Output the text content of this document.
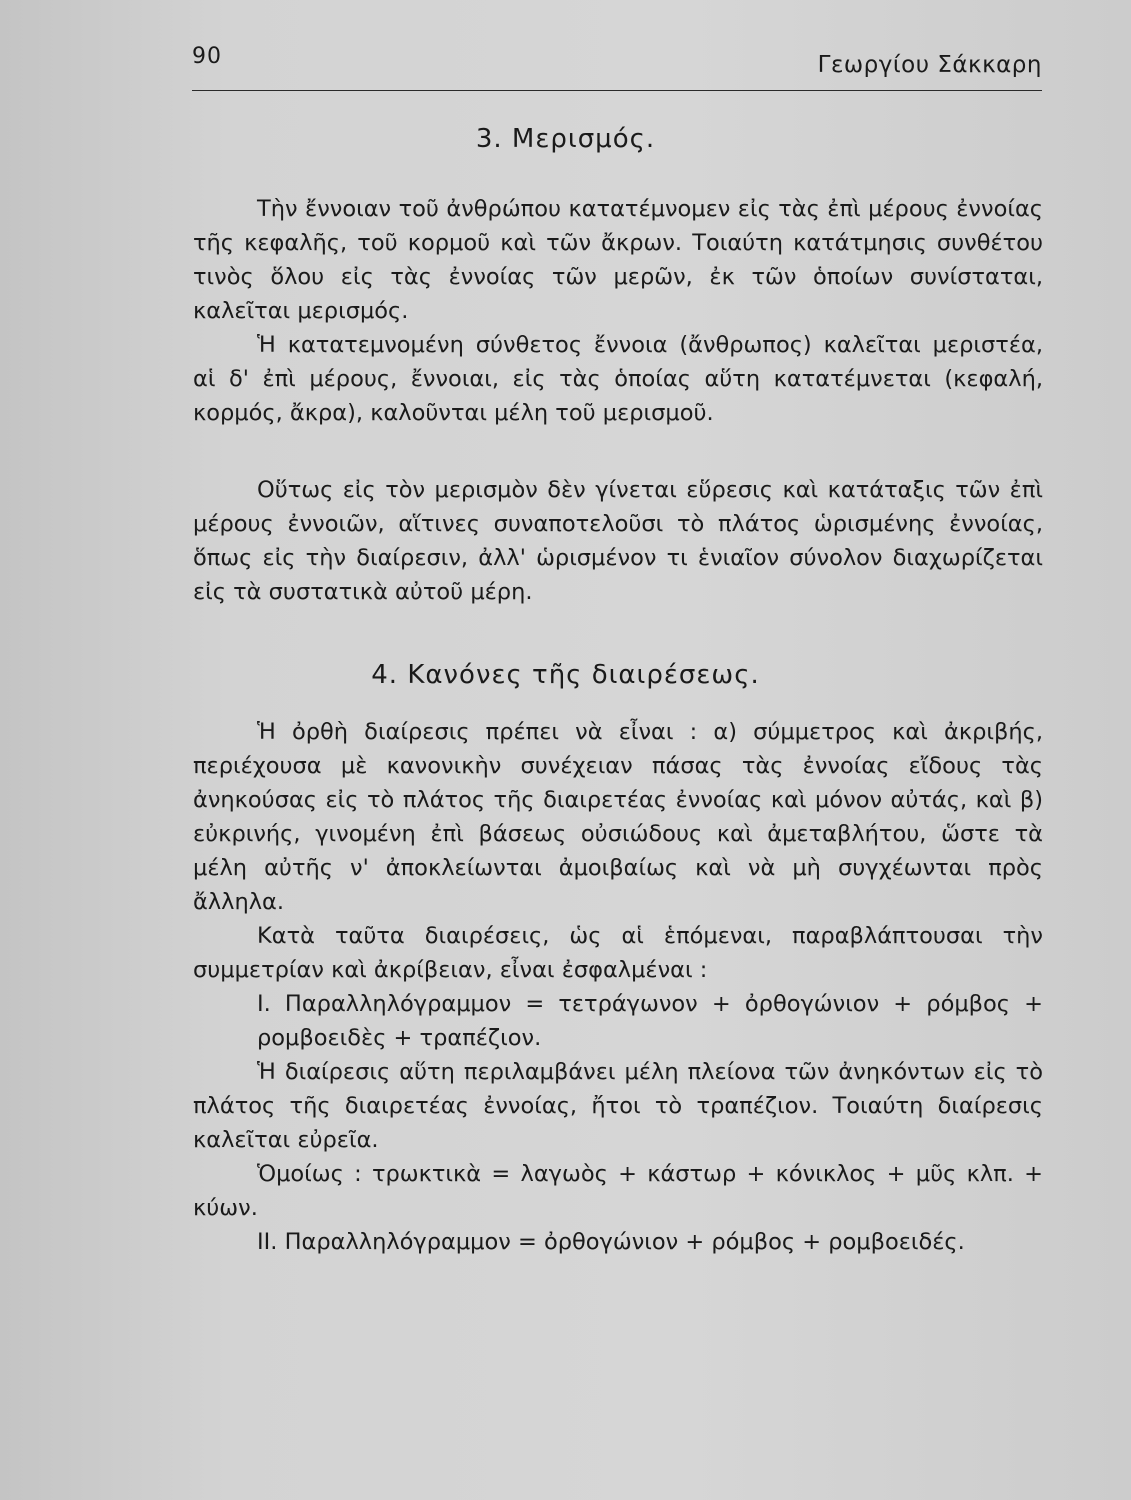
90	Γεωργίου Σάκκαρη
3. Μερισμός.

Τὴν ἔννοιαν τοῦ ἀνθρώπου κατατέμνομεν εἰς τὰς ἐπὶ μέρους ἐννοίας τῆς κεφαλῆς, τοῦ κορμοῦ καὶ τῶν ἄκρων. Τοιαύτη κατάτμησις συνθέτου τινὸς ὅλου εἰς τὰς ἐννοίας τῶν μερῶν, ἐκ τῶν ὁποίων συνίσταται, καλεῖται μερισμός.

Ἡ κατατεμνομένη σύνθετος ἔννοια (ἄνθρωπος) καλεῖται μεριστέα, αἱ δ' ἐπὶ μέρους, ἔννοιαι, εἰς τὰς ὁποίας αὕτη κατατέμνεται (κεφαλή, κορμός, ἄκρα), καλοῦνται μέλη τοῦ μερισμοῦ.

Οὕτως εἰς τὸν μερισμὸν δὲν γίνεται εὕρεσις καὶ κατάταξις τῶν ἐπὶ μέρους ἐννοιῶν, αἵτινες συναποτελοῦσι τὸ πλάτος ὡρισμένης ἐννοίας, ὅπως εἰς τὴν διαίρεσιν, ἀλλ' ὡρισμένον τι ἑνιαῖον σύνολον διαχωρίζεται εἰς τὰ συστατικὰ αὐτοῦ μέρη.

4. Κανόνες τῆς διαιρέσεως.

Ἡ ὀρθὴ διαίρεσις πρέπει νὰ εἶναι : α) σύμμετρος καὶ ἀκριβής, περιέχουσα μὲ κανονικὴν συνέχειαν πάσας τὰς ἐννοίας εἴδους τὰς ἀνηκούσας εἰς τὸ πλάτος τῆς διαιρετέας ἐννοίας καὶ μόνον αὐτάς, καὶ β) εὐκρινής, γινομένη ἐπὶ βάσεως οὐσιώδους καὶ ἀμεταβλήτου, ὥστε τὰ μέλη αὐτῆς ν' ἀποκλείωνται ἀμοιβαίως καὶ νὰ μὴ συγχέωνται πρὸς ἄλληλα.

Κατὰ ταῦτα διαιρέσεις, ὡς αἱ ἑπόμεναι, παραβλάπτουσαι τὴν συμμετρίαν καὶ ἀκρίβειαν, εἶναι ἐσφαλμέναι :

I. Παραλληλόγραμμον = τετράγωνον + ὀρθογώνιον + ρόμβος + ρομβοειδὲς + τραπέζιον.

Ἡ διαίρεσις αὕτη περιλαμβάνει μέλη πλείονα τῶν ἀνηκόντων εἰς τὸ πλάτος τῆς διαιρετέας ἐννοίας, ἤτοι τὸ τραπέζιον. Τοιαύτη διαίρεσις καλεῖται εὐρεῖα.

Ὁμοίως : τρωκτικὰ = λαγωὸς + κάστωρ + κόνικλος + μῦς κλπ. + κύων.

II. Παραλληλόγραμμον = ὀρθογώνιον + ρόμβος + ρομβοειδές.
